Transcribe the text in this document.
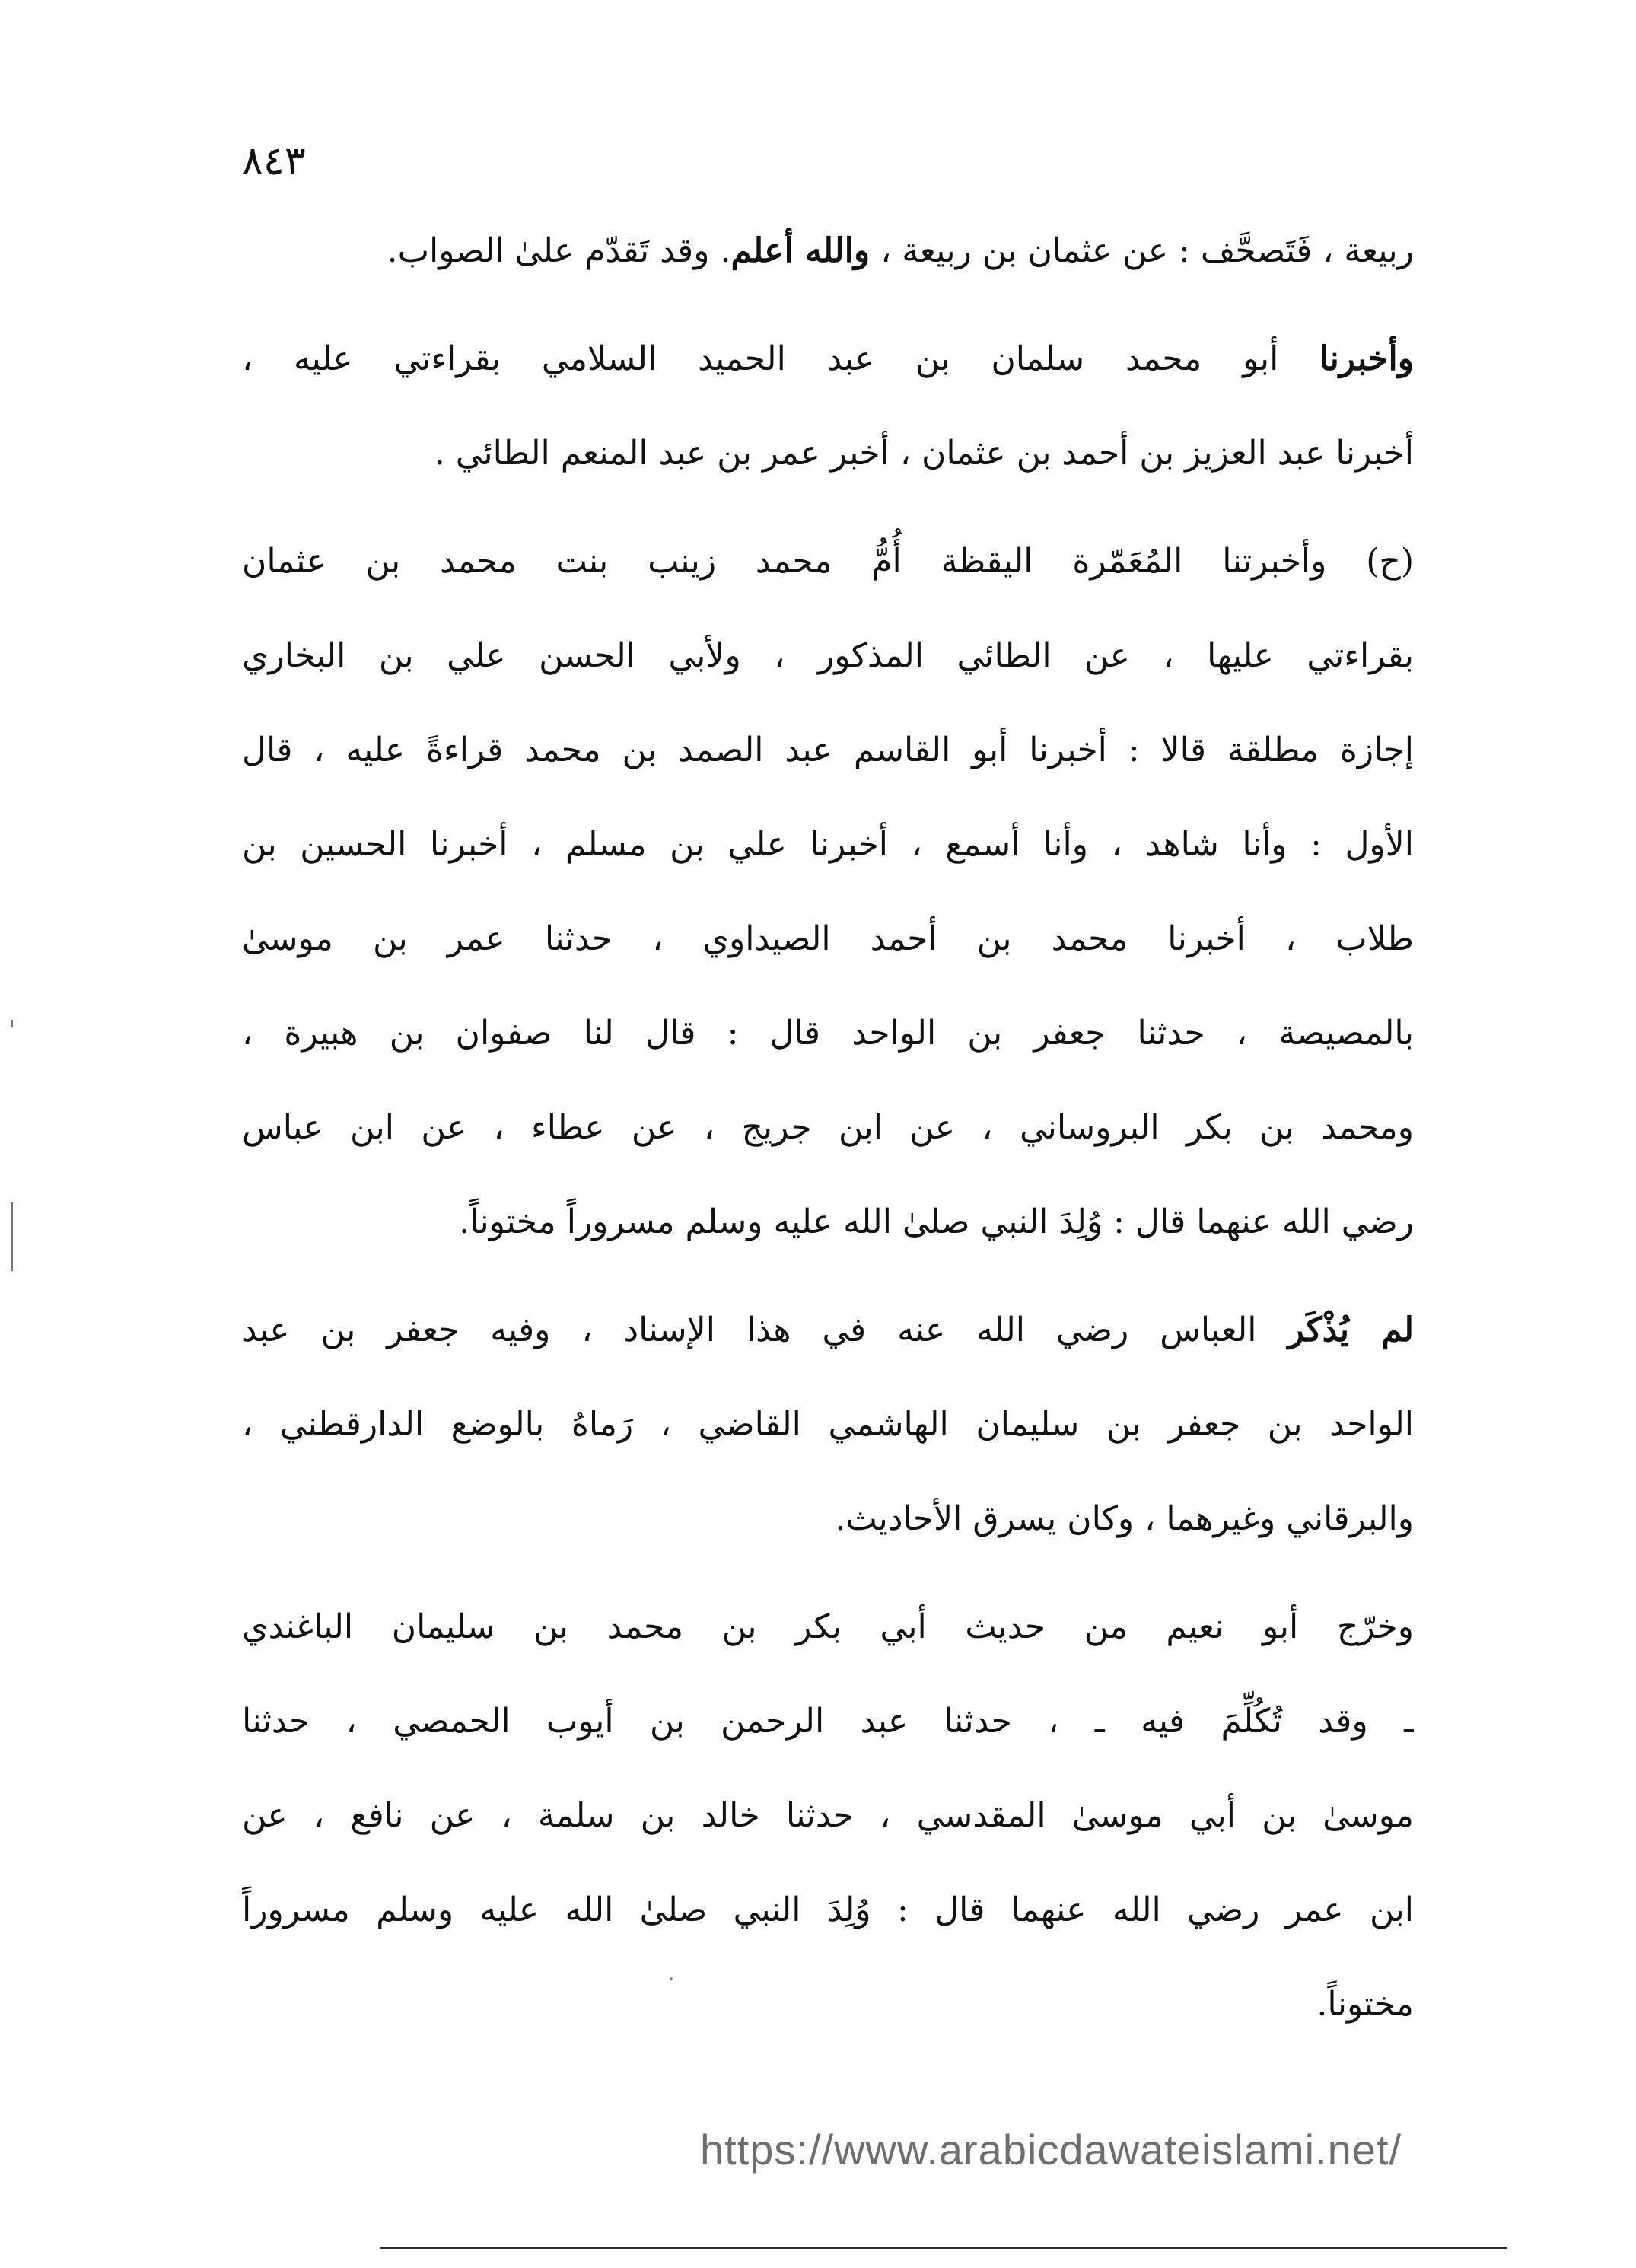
٨٤٣
ربيعة ، فَتَصحَّف : عن عثمان بن ربيعة ، والله أعلم. وقد تَقدّم علىٰ الصواب.
وأخبرنا أبو محمد سلمان بن عبد الحميد السلامي بقراءتي عليه ،
أخبرنا عبد العزيز بن أحمد بن عثمان ، أخبر عمر بن عبد المنعم الطائي .
(ح) وأخبرتنا المُعَمّرة اليقظة أُمُّ محمد زينب بنت محمد بن عثمان
بقراءتي عليها ، عن الطائي المذكور ، ولأبي الحسن علي بن البخاري
إجازة مطلقة قالا : أخبرنا أبو القاسم عبد الصمد بن محمد قراءةً عليه ، قال
الأول : وأنا شاهد ، وأنا أسمع ، أخبرنا علي بن مسلم ، أخبرنا الحسين بن
طلاب ، أخبرنا محمد بن أحمد الصيداوي ، حدثنا عمر بن موسىٰ
بالمصيصة ، حدثنا جعفر بن الواحد قال : قال لنا صفوان بن هبيرة ،
ومحمد بن بكر البروساني ، عن ابن جريج ، عن عطاء ، عن ابن عباس
رضي الله عنهما قال : وُلِدَ النبي صلىٰ الله عليه وسلم مسروراً مختوناً.
لم يُذْكَر العباس رضي الله عنه في هذا الإسناد ، وفيه جعفر بن عبد
الواحد بن جعفر بن سليمان الهاشمي القاضي ، رَماهُ بالوضع الدارقطني ،
والبرقاني وغيرهما ، وكان يسرق الأحاديث.
وخرّج أبو نعيم من حديث أبي بكر بن محمد بن سليمان الباغندي
ـ وقد تُكُلِّمَ فيه ـ ، حدثنا عبد الرحمن بن أيوب الحمصي ، حدثنا
موسىٰ بن أبي موسىٰ المقدسي ، حدثنا خالد بن سلمة ، عن نافع ، عن
ابن عمر رضي الله عنهما قال : وُلِدَ النبي صلىٰ الله عليه وسلم مسروراً
مختوناً.
https://www.arabicdawateislami.net/
